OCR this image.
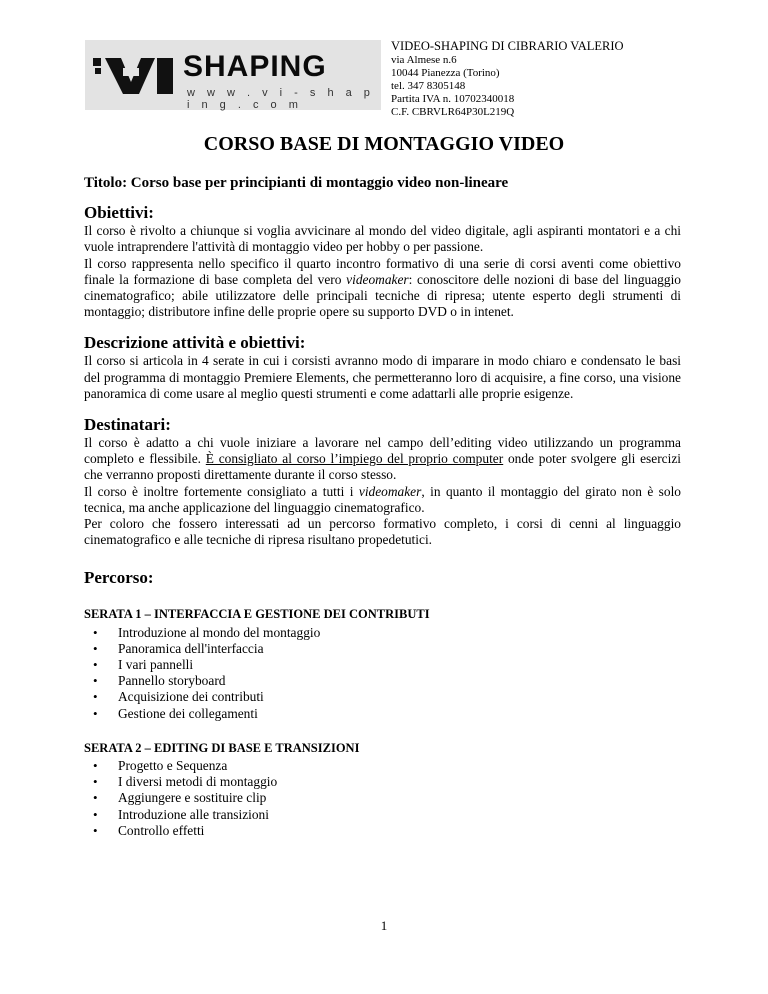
SHAPING
w w w . v i - s h a p i n g . c o m
VIDEO-SHAPING DI CIBRARIO VALERIO
via Almese n.6
10044 Pianezza (Torino)
tel. 347 8305148
Partita IVA n. 10702340018
C.F. CBRVLR64P30L219Q
CORSO BASE DI MONTAGGIO VIDEO
Titolo: Corso base per principianti di montaggio video non-lineare
Obiettivi:

Il corso è rivolto a chiunque si voglia avvicinare al mondo del video digitale, agli aspiranti montatori e a chi vuole intraprendere l'attività di montaggio video per hobby o per passione.

Il corso rappresenta nello specifico il quarto incontro formativo di una serie di corsi aventi come obiettivo finale la formazione di base completa del vero videomaker: conoscitore delle nozioni di base del linguaggio cinematografico; abile utilizzatore delle principali tecniche di ripresa; utente esperto degli strumenti di montaggio; distributore infine delle proprie opere su supporto DVD o in intenet.

Descrizione attività e obiettivi:

Il corso si articola in 4 serate in cui i corsisti avranno modo di imparare in modo chiaro e condensato le basi del programma di montaggio Premiere Elements, che permetteranno loro di acquisire, a fine corso, una visione panoramica di come usare al meglio questi strumenti e come adattarli alle proprie esigenze.

Destinatari:

Il corso è adatto a chi vuole iniziare a lavorare nel campo dell’editing video utilizzando un programma completo e flessibile. È consigliato al corso l’impiego del proprio computer onde poter svolgere gli esercizi che verranno proposti direttamente durante il corso stesso.

Il corso è inoltre fortemente consigliato a tutti i videomaker, in quanto il montaggio del girato non è solo tecnica, ma anche applicazione del linguaggio cinematografico.

Per coloro che fossero interessati ad un percorso formativo completo, i corsi di cenni al linguaggio cinematografico e alle tecniche di ripresa risultano propedetutici.

Percorso:
SERATA 1 – INTERFACCIA E GESTIONE DEI CONTRIBUTI
• Introduzione al mondo del montaggio
• Panoramica dell'interfaccia
• I vari pannelli
• Pannello storyboard
• Acquisizione dei contributi
• Gestione dei collegamenti
SERATA 2 – EDITING DI BASE E TRANSIZIONI
• Progetto e Sequenza
• I diversi metodi di montaggio
• Aggiungere e sostituire clip
• Introduzione alle transizioni
• Controllo effetti
1
